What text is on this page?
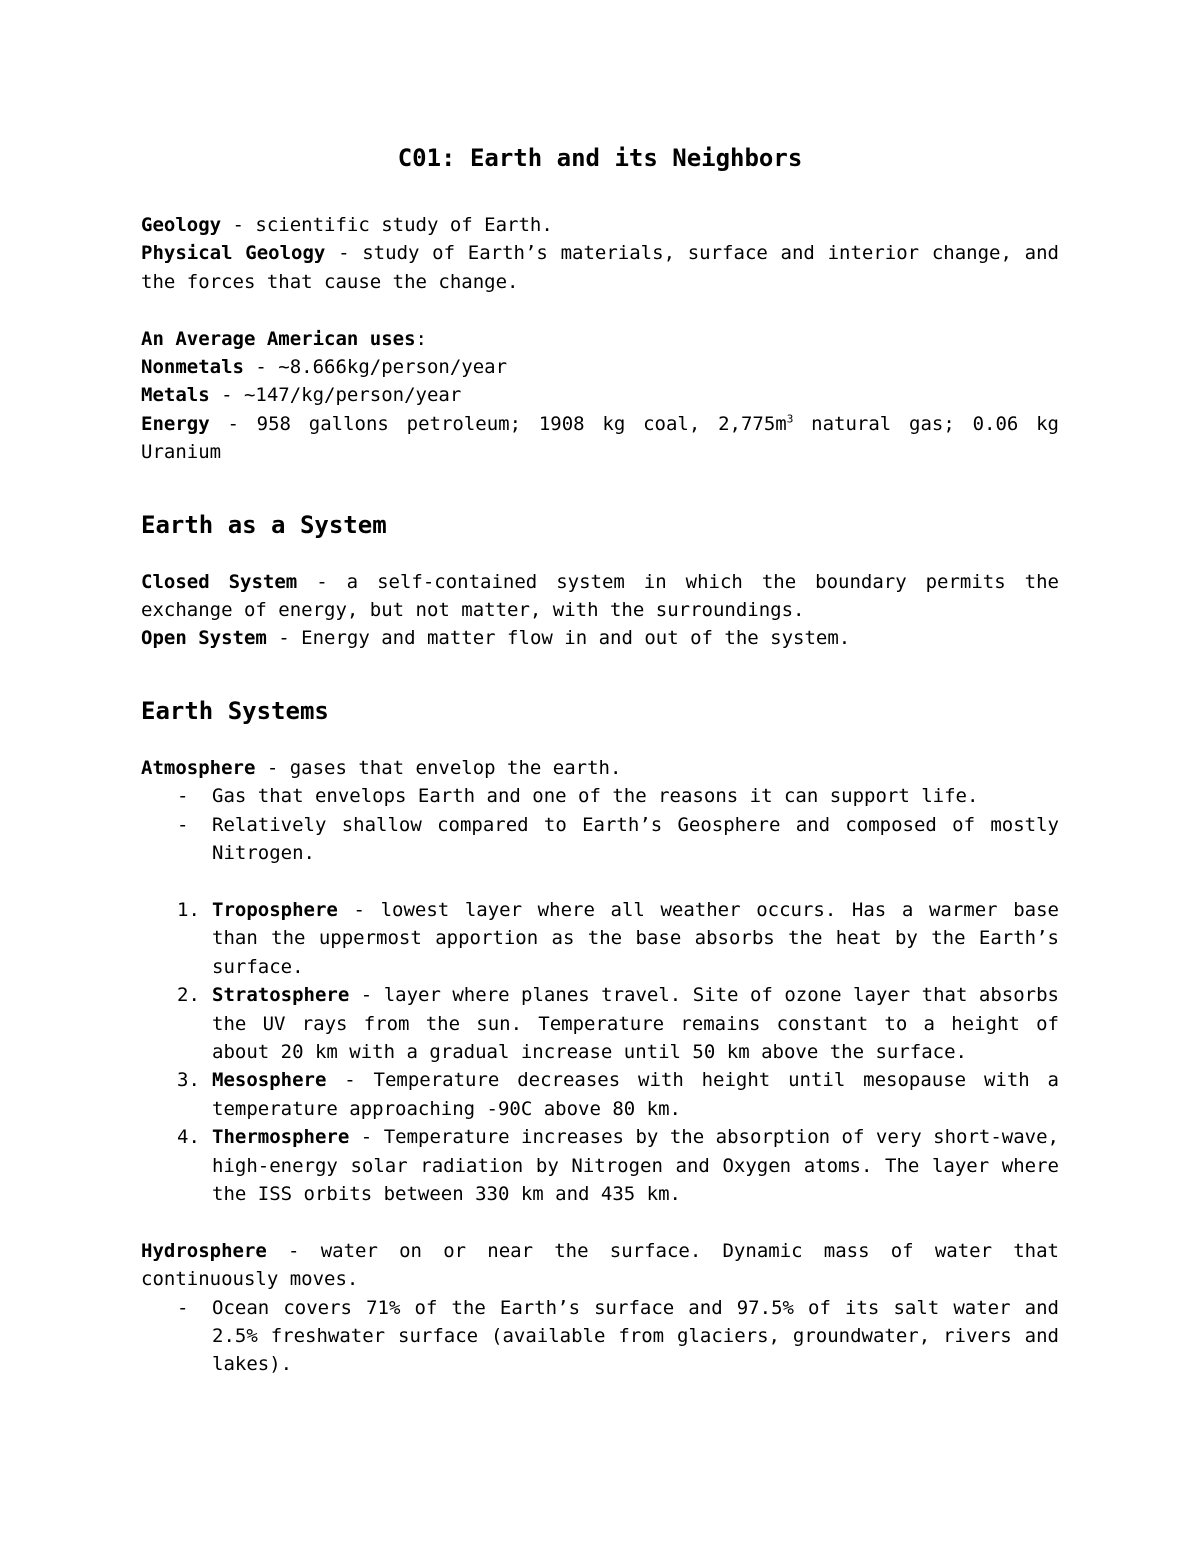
C01: Earth and its Neighbors

Geology - scientific study of Earth.

Physical Geology - study of Earth’s materials, surface and interior change, and the forces that cause the change.

An Average American uses:

Nonmetals - ~8.666kg/person/year

Metals - ~147/kg/person/year

Energy - 958 gallons petroleum; 1908 kg coal, $2,775m^3$ natural gas; 0.06 kg Uranium

Earth as a System

Closed System - a self-contained system in which the boundary permits the exchange of energy, but not matter, with the surroundings.

Open System - Energy and matter flow in and out of the system.

Earth Systems

Atmosphere - gases that envelop the earth.

- Gas that envelops Earth and one of the reasons it can support life.
- Relatively shallow compared to Earth’s Geosphere and composed of mostly Nitrogen.
1. Troposphere - lowest layer where all weather occurs. Has a warmer base than the uppermost apportion as the base absorbs the heat by the Earth’s surface.
2. Stratosphere - layer where planes travel. Site of ozone layer that absorbs the UV rays from the sun. Temperature remains constant to a height of about 20 km with a gradual increase until 50 km above the surface.
3. Mesosphere - Temperature decreases with height until mesopause with a temperature approaching -90C above 80 km.
4. Thermosphere - Temperature increases by the absorption of very short-wave, high-energy solar radiation by Nitrogen and Oxygen atoms. The layer where the ISS orbits between 330 km and 435 km.

Hydrosphere - water on or near the surface. Dynamic mass of water that continuously moves.

- Ocean covers 71% of the Earth’s surface and 97.5% of its salt water and 2.5% freshwater surface (available from glaciers, groundwater, rivers and lakes).
